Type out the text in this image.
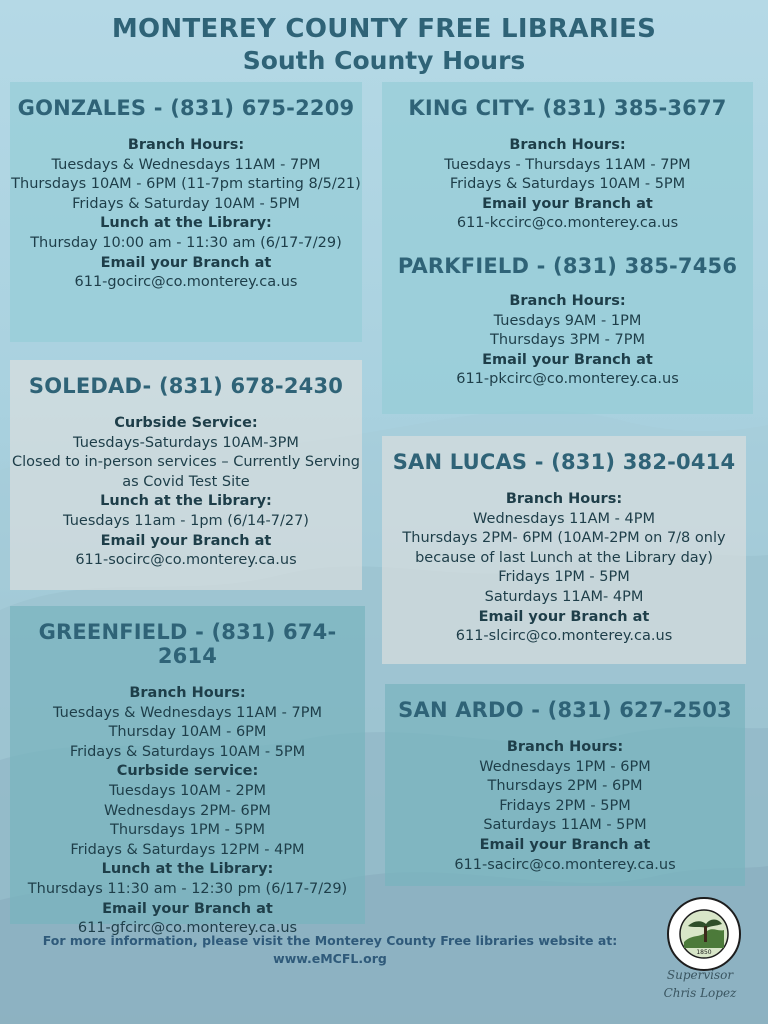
MONTEREY COUNTY FREE LIBRARIES
South County Hours
GONZALES - (831) 675-2209
Branch Hours:
Tuesdays & Wednesdays 11AM - 7PM
Thursdays 10AM - 6PM (11-7pm starting 8/5/21)
Fridays & Saturday 10AM - 5PM
Lunch at the Library:
Thursday 10:00 am - 11:30 am (6/17-7/29)
Email your Branch at
611-gocirc@co.monterey.ca.us
SOLEDAD- (831) 678-2430
Curbside Service:
Tuesdays-Saturdays 10AM-3PM
Closed to in-person services – Currently Serving as Covid Test Site
Lunch at the Library:
Tuesdays 11am - 1pm (6/14-7/27)
Email your Branch at
611-socirc@co.monterey.ca.us
GREENFIELD - (831) 674-2614
Branch Hours:
Tuesdays & Wednesdays 11AM - 7PM
Thursday 10AM - 6PM
Fridays & Saturdays 10AM - 5PM
Curbside service:
Tuesdays 10AM - 2PM
Wednesdays 2PM- 6PM
Thursdays 1PM - 5PM
Fridays & Saturdays 12PM - 4PM
Lunch at the Library:
Thursdays 11:30 am - 12:30 pm (6/17-7/29)
Email your Branch at
611-gfcirc@co.monterey.ca.us
KING CITY- (831) 385-3677
Branch Hours:
Tuesdays - Thursdays 11AM - 7PM
Fridays & Saturdays 10AM - 5PM
Email your Branch at
611-kccirc@co.monterey.ca.us
PARKFIELD - (831) 385-7456
Branch Hours:
Tuesdays 9AM - 1PM
Thursdays 3PM - 7PM
Email your Branch at
611-pkcirc@co.monterey.ca.us
SAN LUCAS - (831) 382-0414
Branch Hours:
Wednesdays 11AM - 4PM
Thursdays 2PM- 6PM (10AM-2PM on 7/8 only because of last Lunch at the Library day)
Fridays 1PM - 5PM
Saturdays 11AM- 4PM
Email your Branch at
611-slcirc@co.monterey.ca.us
SAN ARDO - (831) 627-2503
Branch Hours:
Wednesdays 1PM - 6PM
Thursdays 2PM - 6PM
Fridays 2PM - 5PM
Saturdays 11AM - 5PM
Email your Branch at
611-sacirc@co.monterey.ca.us
For more information, please visit the Monterey County Free libraries website at:
www.eMCFL.org	1850
Supervisor
Chris Lopez
